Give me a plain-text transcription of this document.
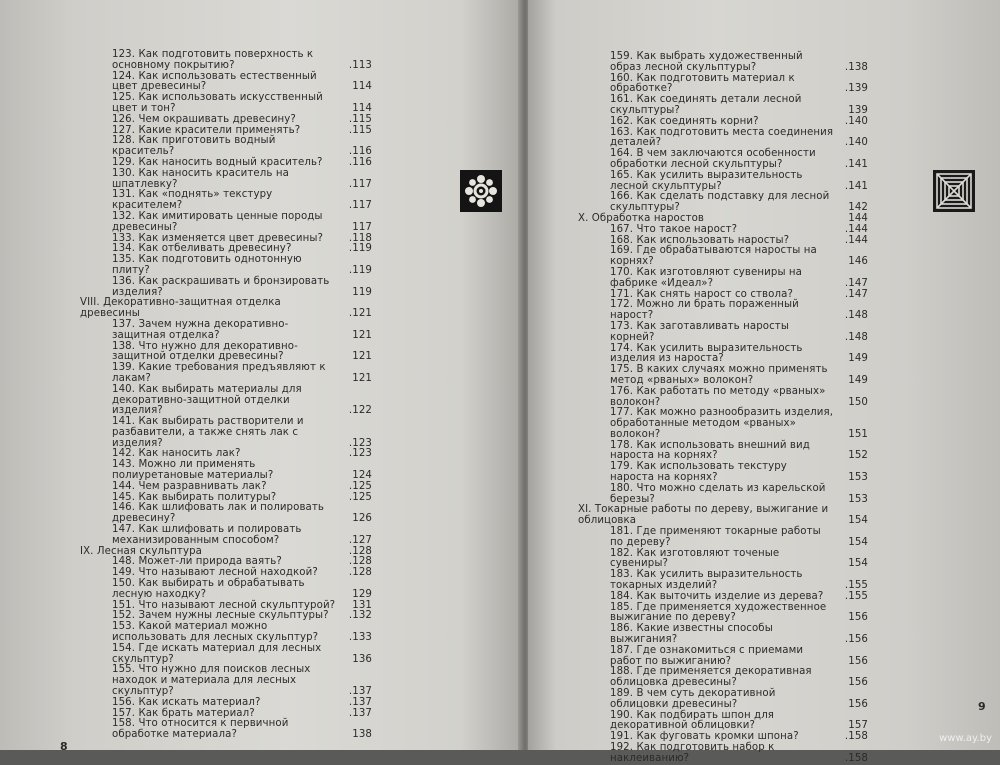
123. Как подготовить поверхность к основному покрытию?	.113
124. Как использовать естественный цвет древесины?	114
125. Как использовать искусственный цвет и тон?	114
126. Чем окрашивать древесину?	.115
127. Какие красители применять?	.115
128. Как приготовить водный краситель?	.116
129. Как наносить водный краситель?	.116
130. Как наносить краситель на шпатлевку?	.117
131. Как «поднять» текстуру красителем?	.117
132. Как имитировать ценные породы древесины?	117
133. Как изменяется цвет древесины?	.118
134. Как отбеливать древесину?	.119
135. Как подготовить однотонную плиту?	.119
136. Как раскрашивать и бронзировать изделия?	119
VIII. Декоративно-защитная отделка древесины	.121
137. Зачем нужна декоративно-защитная отделка?	121
138. Что нужно для декоративно-защитной отделки древесины?	121
139. Какие требования предъявляют к лакам?	121
140. Как выбирать материалы для декоративно-защитной отделки изделия?	.122
141. Как выбирать растворители и разбавители, а также снять лак с изделия?	.123
142. Как наносить лак?	.123
143. Можно ли применять полиуретановые материалы?	124
144. Чем разравнивать лак?	.125
145. Как выбирать политуры?	.125
146. Как шлифовать лак и полировать древесину?	126
147. Как шлифовать и полировать механизированным способом?	.127
IX. Лесная скульптура	.128
148. Может-ли природа ваять?	.128
149. Что называют лесной находкой?	.128
150. Как выбирать и обрабатывать лесную находку?	129
151. Что называют лесной скульптурой?	131
152. Зачем нужны лесные скульптуры?	.132
153. Какой материал можно использовать для лесных скульптур?	.133
154. Где искать материал для лесных скульптур?	136
155. Что нужно для поисков лесных находок и материала для лесных скульптур?	.137
156. Как искать материал?	.137
157. Как брать материал?	.137
158. Что относится к первичной обработке материала?	138
8
159. Как выбрать художественный образ лесной скульптуры?	.138
160. Как подготовить материал к обработке?	.139
161. Как соединять детали лесной скульптуры?	139
162. Как соединять корни?	.140
163. Как подготовить места соединения деталей?	.140
164. В чем заключаются особенности обработки лесной скульптуры?	.141
165. Как усилить выразительность лесной скульптуры?	.141
166. Как сделать подставку для лесной скульптуры?	142
X. Обработка наростов	144
167. Что такое нарост?	.144
168. Как использовать наросты?	.144
169. Где обрабатываются наросты на корнях?	146
170. Как изготовляют сувениры на фабрике «Идеал»?	.147
171. Как снять нарост со ствола?	.147
172. Можно ли брать пораженный нарост?	.148
173. Как заготавливать наросты корней?	.148
174. Как усилить выразительность изделия из нароста?	149
175. В каких случаях можно применять метод «рваных» волокон?	149
176. Как работать по методу «рваных» волокон?	150
177. Как можно разнообразить изделия, обработанные методом «рваных» волокон?	151
178. Как использовать внешний вид нароста на корнях?	152
179. Как использовать текстуру нароста на корнях?	153
180. Что можно сделать из карельской березы?	153
XI. Токарные работы по дереву, выжигание и облицовка	154
181. Где применяют токарные работы по дереву?	154
182. Как изготовляют точеные сувениры?	154
183. Как усилить выразительность токарных изделий?	.155
184. Как выточить изделие из дерева?	.155
185. Где применяется художественное выжигание по дереву?	156
186. Какие известны способы выжигания?	.156
187. Где ознакомиться с приемами работ по выжиганию?	156
188. Где применяется декоративная облицовка древесины?	156
189. В чем суть декоративной облицовки древесины?	156
190. Как подбирать шпон для декоративной облицовки?	157
191. Как фуговать кромки шпона?	.158
192. Как подготовить набор к наклеиванию?	.158
9
www.ay.by
